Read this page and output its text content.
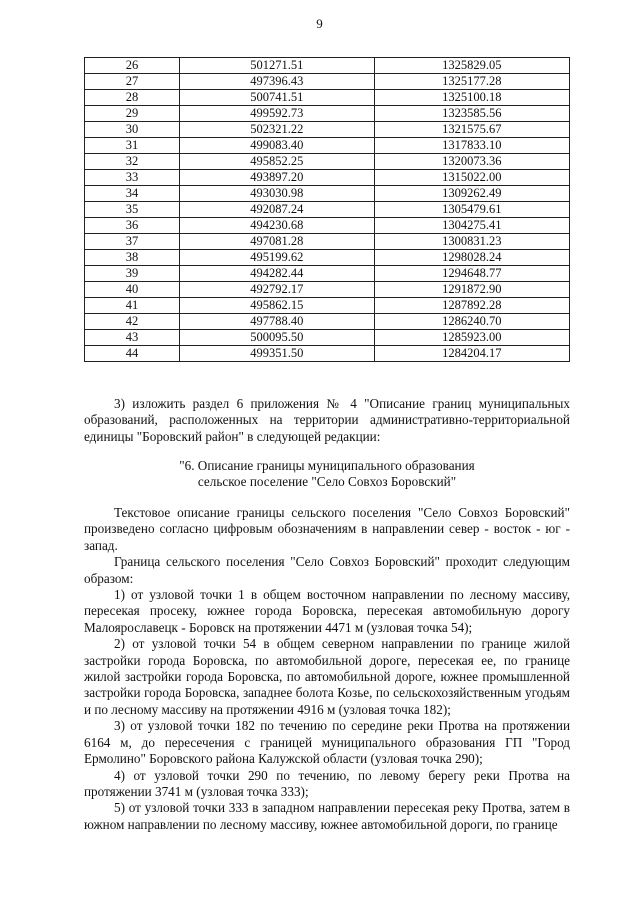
9
26	501271.51	1325829.05
27	497396.43	1325177.28
28	500741.51	1325100.18
29	499592.73	1323585.56
30	502321.22	1321575.67
31	499083.40	1317833.10
32	495852.25	1320073.36
33	493897.20	1315022.00
34	493030.98	1309262.49
35	492087.24	1305479.61
36	494230.68	1304275.41
37	497081.28	1300831.23
38	495199.62	1298028.24
39	494282.44	1294648.77
40	492792.17	1291872.90
41	495862.15	1287892.28
42	497788.40	1286240.70
43	500095.50	1285923.00
44	499351.50	1284204.17

3) изложить раздел 6 приложения № 4 "Описание границ муниципальных образований, расположенных на территории административно-территориальной единицы "Боровский район" в следующей редакции:

"6. Описание границы муниципального образования
сельское поселение "Село Совхоз Боровский"

Текстовое описание границы сельского поселения "Село Совхоз Боровский" произведено согласно цифровым обозначениям в направлении север - восток - юг - запад.

Граница сельского поселения "Село Совхоз Боровский" проходит следующим образом:

1) от узловой точки 1 в общем восточном направлении по лесному массиву, пересекая просеку, южнее города Боровска, пересекая автомобильную дорогу Малоярославецк - Боровск на протяжении 4471 м (узловая точка 54);

2) от узловой точки 54 в общем северном направлении по границе жилой застройки города Боровска, по автомобильной дороге, пересекая ее, по границе жилой застройки города Боровска, по автомобильной дороге, южнее промышленной застройки города Боровска, западнее болота Козье, по сельскохозяйственным угодьям и по лесному массиву на протяжении 4916 м (узловая точка 182);

3) от узловой точки 182 по течению по середине реки Протва на протяжении 6164 м, до пересечения с границей муниципального образования ГП "Город Ермолино" Боровского района Калужской области (узловая точка 290);

4) от узловой точки 290 по течению, по левому берегу реки Протва на протяжении 3741 м (узловая точка 333);

5) от узловой точки 333 в западном направлении пересекая реку Протва, затем в южном направлении по лесному массиву, южнее автомобильной дороги, по границе
